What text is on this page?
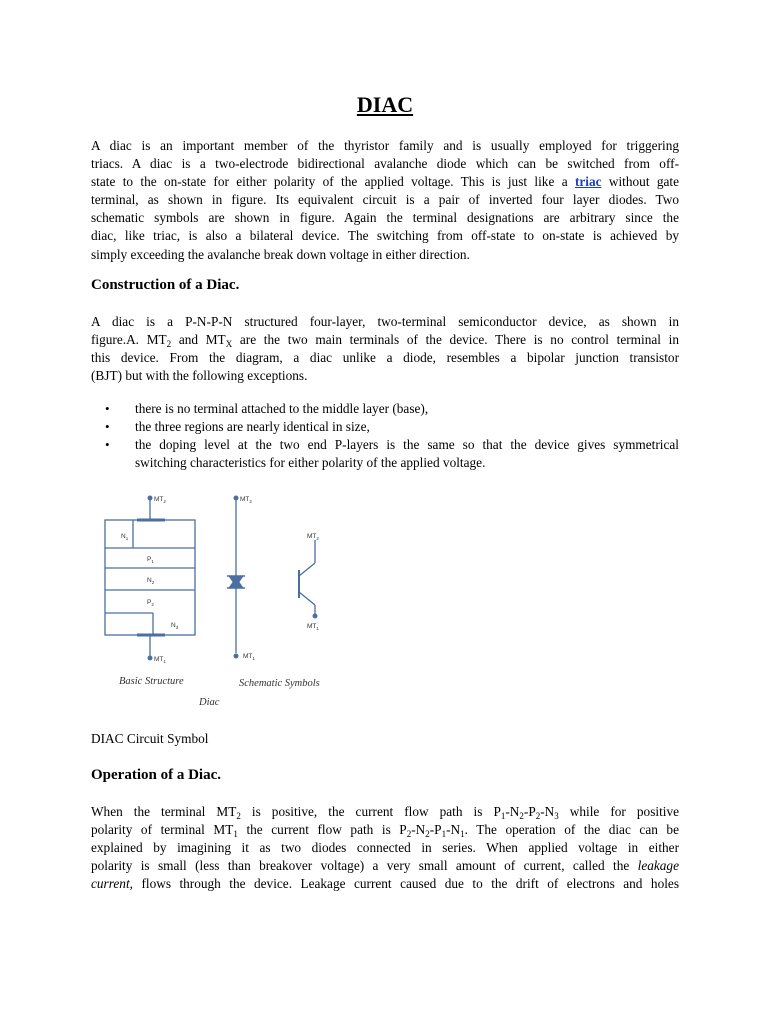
DIAC

A diac is an important member of the thyristor family and is usually employed for triggering
triacs. A diac is a two-electrode bidirectional avalanche diode which can be switched from off-
state to the on-state for either polarity of the applied voltage. This is just like a triac without gate
terminal, as shown in figure. Its equivalent circuit is a pair of inverted four layer diodes. Two
schematic symbols are shown in figure. Again the terminal designations are arbitrary since the
diac, like triac, is also a bilateral device. The switching from off-state to on-state is achieved by
simply exceeding the avalanche break down voltage in either direction.

Construction of a Diac.

A diac is a P-N-P-N structured four-layer, two-terminal semiconductor device, as shown in
figure.A. $MT_2$ and $MT_X$ are the two main terminals of the device. There is no control terminal in
this device. From the diagram, a diac unlike a diode, resembles a bipolar junction transistor
(BJT) but with the following exceptions.

• there is no terminal attached to the middle layer (base),
• the three regions are nearly identical in size,
• the doping level at the two end P-layers is the same so that the device gives symmetrical
switching characteristics for either polarity of the applied voltage.

DIAC Circuit Symbol

Operation of a Diac.

When the terminal $MT_2$ is positive, the current flow path is $P_1-N_2-P_2-N_3$ while for positive
polarity of terminal $MT_1$ the current flow path is $P_2-N_2-P_1-N_1$. The operation of the diac can be
explained by imagining it as two diodes connected in series. When applied voltage in either
polarity is small (less than breakover voltage) a very small amount of current, called the leakage
current, flows through the device. Leakage current caused due to the drift of electrons and holes

$MT_2$
$N_1$
$P_1$
$N_2$
$P_2$
$N_3$
$MT_1$
$MT_2$
$MT_1$
$MT_2$
$MT_1$
Basic Structure	Schematic Symbols
Diac
